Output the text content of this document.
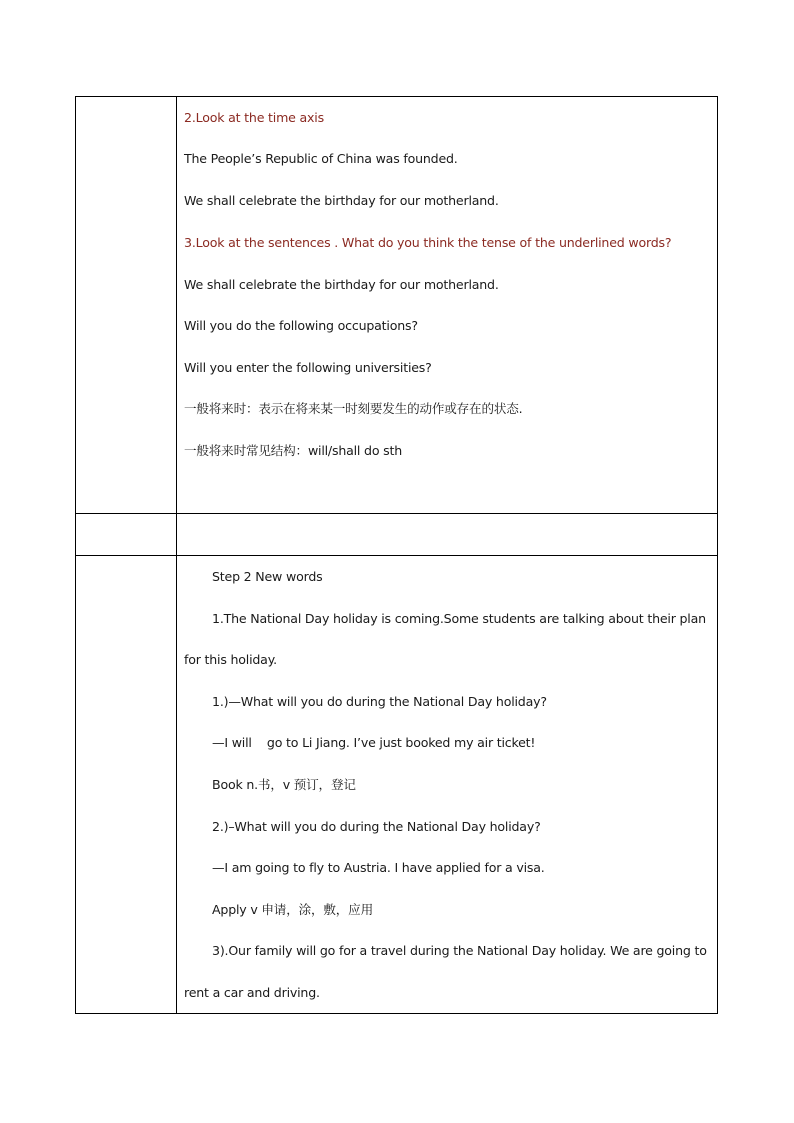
2.Look at the time axis
The People’s Republic of China was founded.
We shall celebrate the birthday for our motherland.
3.Look at the sentences . What do you think the tense of the underlined words?
We shall celebrate the birthday for our motherland.
Will you do the following occupations?
Will you enter the following universities?
一般将来时：表示在将来某一时刻要发生的动作或存在的状态.
一般将来时常见结构：will/shall do sth
Step 2 New words
1.The National Day holiday is coming.Some students are talking about their plan
for this holiday.
1.)—What will you do during the National Day holiday?
—I will    go to Li Jiang. I’ve just booked my air ticket!
Book n.书，v 预订，登记
2.)–What will you do during the National Day holiday?
—I am going to fly to Austria. I have applied for a visa.
Apply v 申请，涂，敷，应用
3).Our family will go for a travel during the National Day holiday. We are going to
rent a car and driving.
